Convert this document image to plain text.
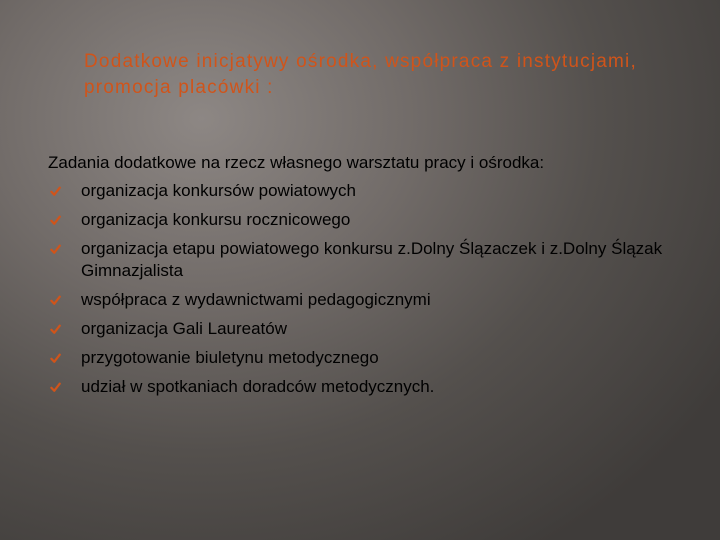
Dodatkowe inicjatywy ośrodka, współpraca z instytucjami, promocja placówki :

Zadania dodatkowe na rzecz własnego warsztatu pracy i ośrodka:

organizacja konkursów powiatowych
organizacja konkursu rocznicowego
organizacja etapu powiatowego konkursu z.Dolny Ślązaczek i z.Dolny Ślązak Gimnazjalista
współpraca z wydawnictwami pedagogicznymi
organizacja Gali Laureatów
przygotowanie biuletynu metodycznego
udział w spotkaniach doradców metodycznych.
